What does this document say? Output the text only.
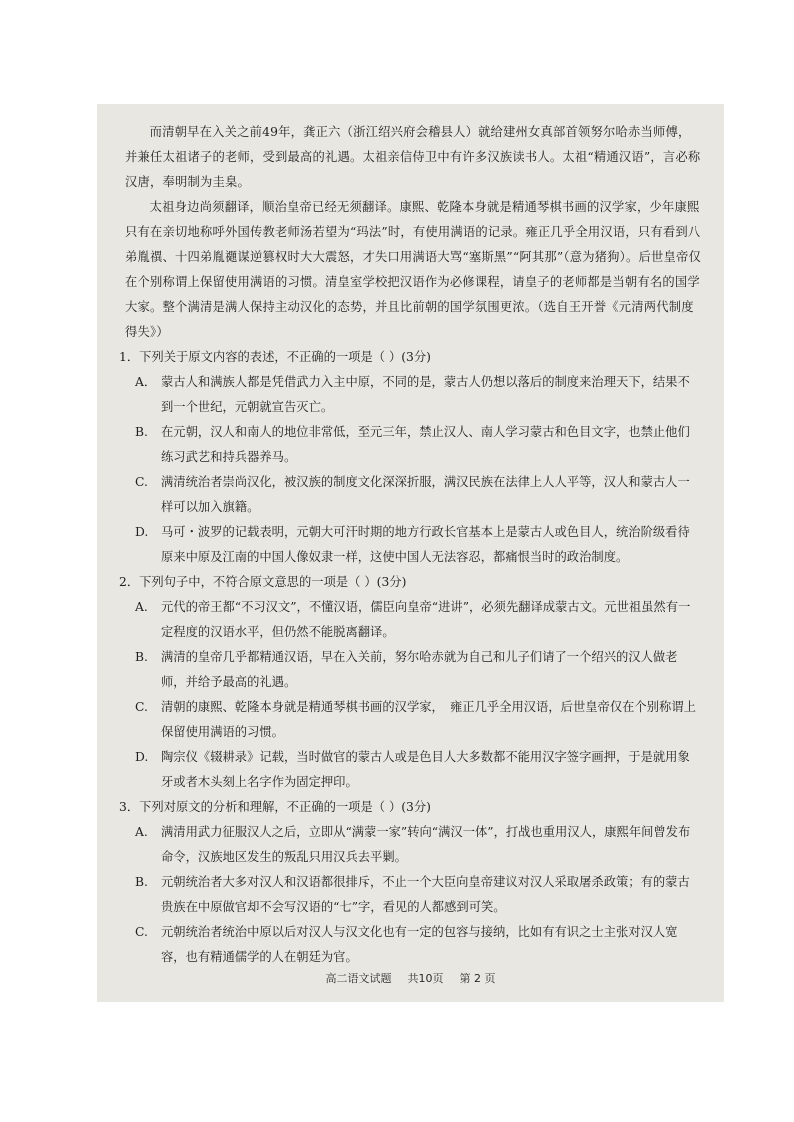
而清朝早在入关之前49年，龚正六（浙江绍兴府会稽县人）就给建州女真部首领努尔哈赤当师傅，并兼任太祖诸子的老师，受到最高的礼遇。太祖亲信侍卫中有许多汉族读书人。太祖“精通汉语”，言必称汉唐，奉明制为圭臬。

太祖身边尚须翻译，顺治皇帝已经无须翻译。康熙、乾隆本身就是精通琴棋书画的汉学家，少年康熙只有在亲切地称呼外国传教老师汤若望为“玛法”时，有使用满语的记录。雍正几乎全用汉语，只有看到八弟胤禩、十四弟胤禵谋逆篡权时大大震怒，才失口用满语大骂“塞斯黑”“阿其那”（意为猪狗）。后世皇帝仅在个别称谓上保留使用满语的习惯。清皇室学校把汉语作为必修课程，请皇子的老师都是当朝有名的国学大家。整个满清是满人保持主动汉化的态势，并且比前朝的国学氛围更浓。（选自王开誉《元清两代制度得失》）

1．下列关于原文内容的表述，不正确的一项是（ ）(3分)

A． 蒙古人和满族人都是凭借武力入主中原，不同的是，蒙古人仍想以落后的制度来治理天下，结果不到一个世纪，元朝就宣告灭亡。
B.	在元朝，汉人和南人的地位非常低，至元三年，禁止汉人、南人学习蒙古和色目文字，也禁止他们练习武艺和持兵器养马。
C.	满清统治者崇尚汉化，被汉族的制度文化深深折服，满汉民族在法律上人人平等，汉人和蒙古人一样可以加入旗籍。
D.	马可・波罗的记载表明，元朝大可汗时期的地方行政长官基本上是蒙古人或色目人，统治阶级看待原来中原及江南的中国人像奴隶一样，这使中国人无法容忍，都痛恨当时的政治制度。

2．下列句子中，不符合原文意思的一项是（ ）(3分)

A.	元代的帝王都“不习汉文”，不懂汉语，儒臣向皇帝“进讲”，必须先翻译成蒙古文。元世祖虽然有一定程度的汉语水平，但仍然不能脱离翻译。
B.	满清的皇帝几乎都精通汉语，早在入关前，努尔哈赤就为自己和儿子们请了一个绍兴的汉人做老师，并给予最高的礼遇。
C.	清朝的康熙、乾隆本身就是精通琴棋书画的汉学家，　雍正几乎全用汉语，后世皇帝仅在个别称谓上保留使用满语的习惯。
D.	陶宗仪《辍耕录》记载，当时做官的蒙古人或是色目人大多数都不能用汉字签字画押，于是就用象牙或者木头刻上名字作为固定押印。

3．下列对原文的分析和理解，不正确的一项是（ ）(3分)

A.	满清用武力征服汉人之后，立即从“满蒙一家”转向“满汉一体”，打战也重用汉人，康熙年间曾发布命令，汉族地区发生的叛乱只用汉兵去平剿。
B.	元朝统治者大多对汉人和汉语都很排斥，不止一个大臣向皇帝建议对汉人采取屠杀政策；有的蒙古贵族在中原做官却不会写汉语的“七”字，看见的人都感到可笑。
C.	元朝统治者统治中原以后对汉人与汉文化也有一定的包容与接纳，比如有有识之士主张对汉人宽容，也有精通儒学的人在朝廷为官。
高二语文试题 共10页 第 2 页
